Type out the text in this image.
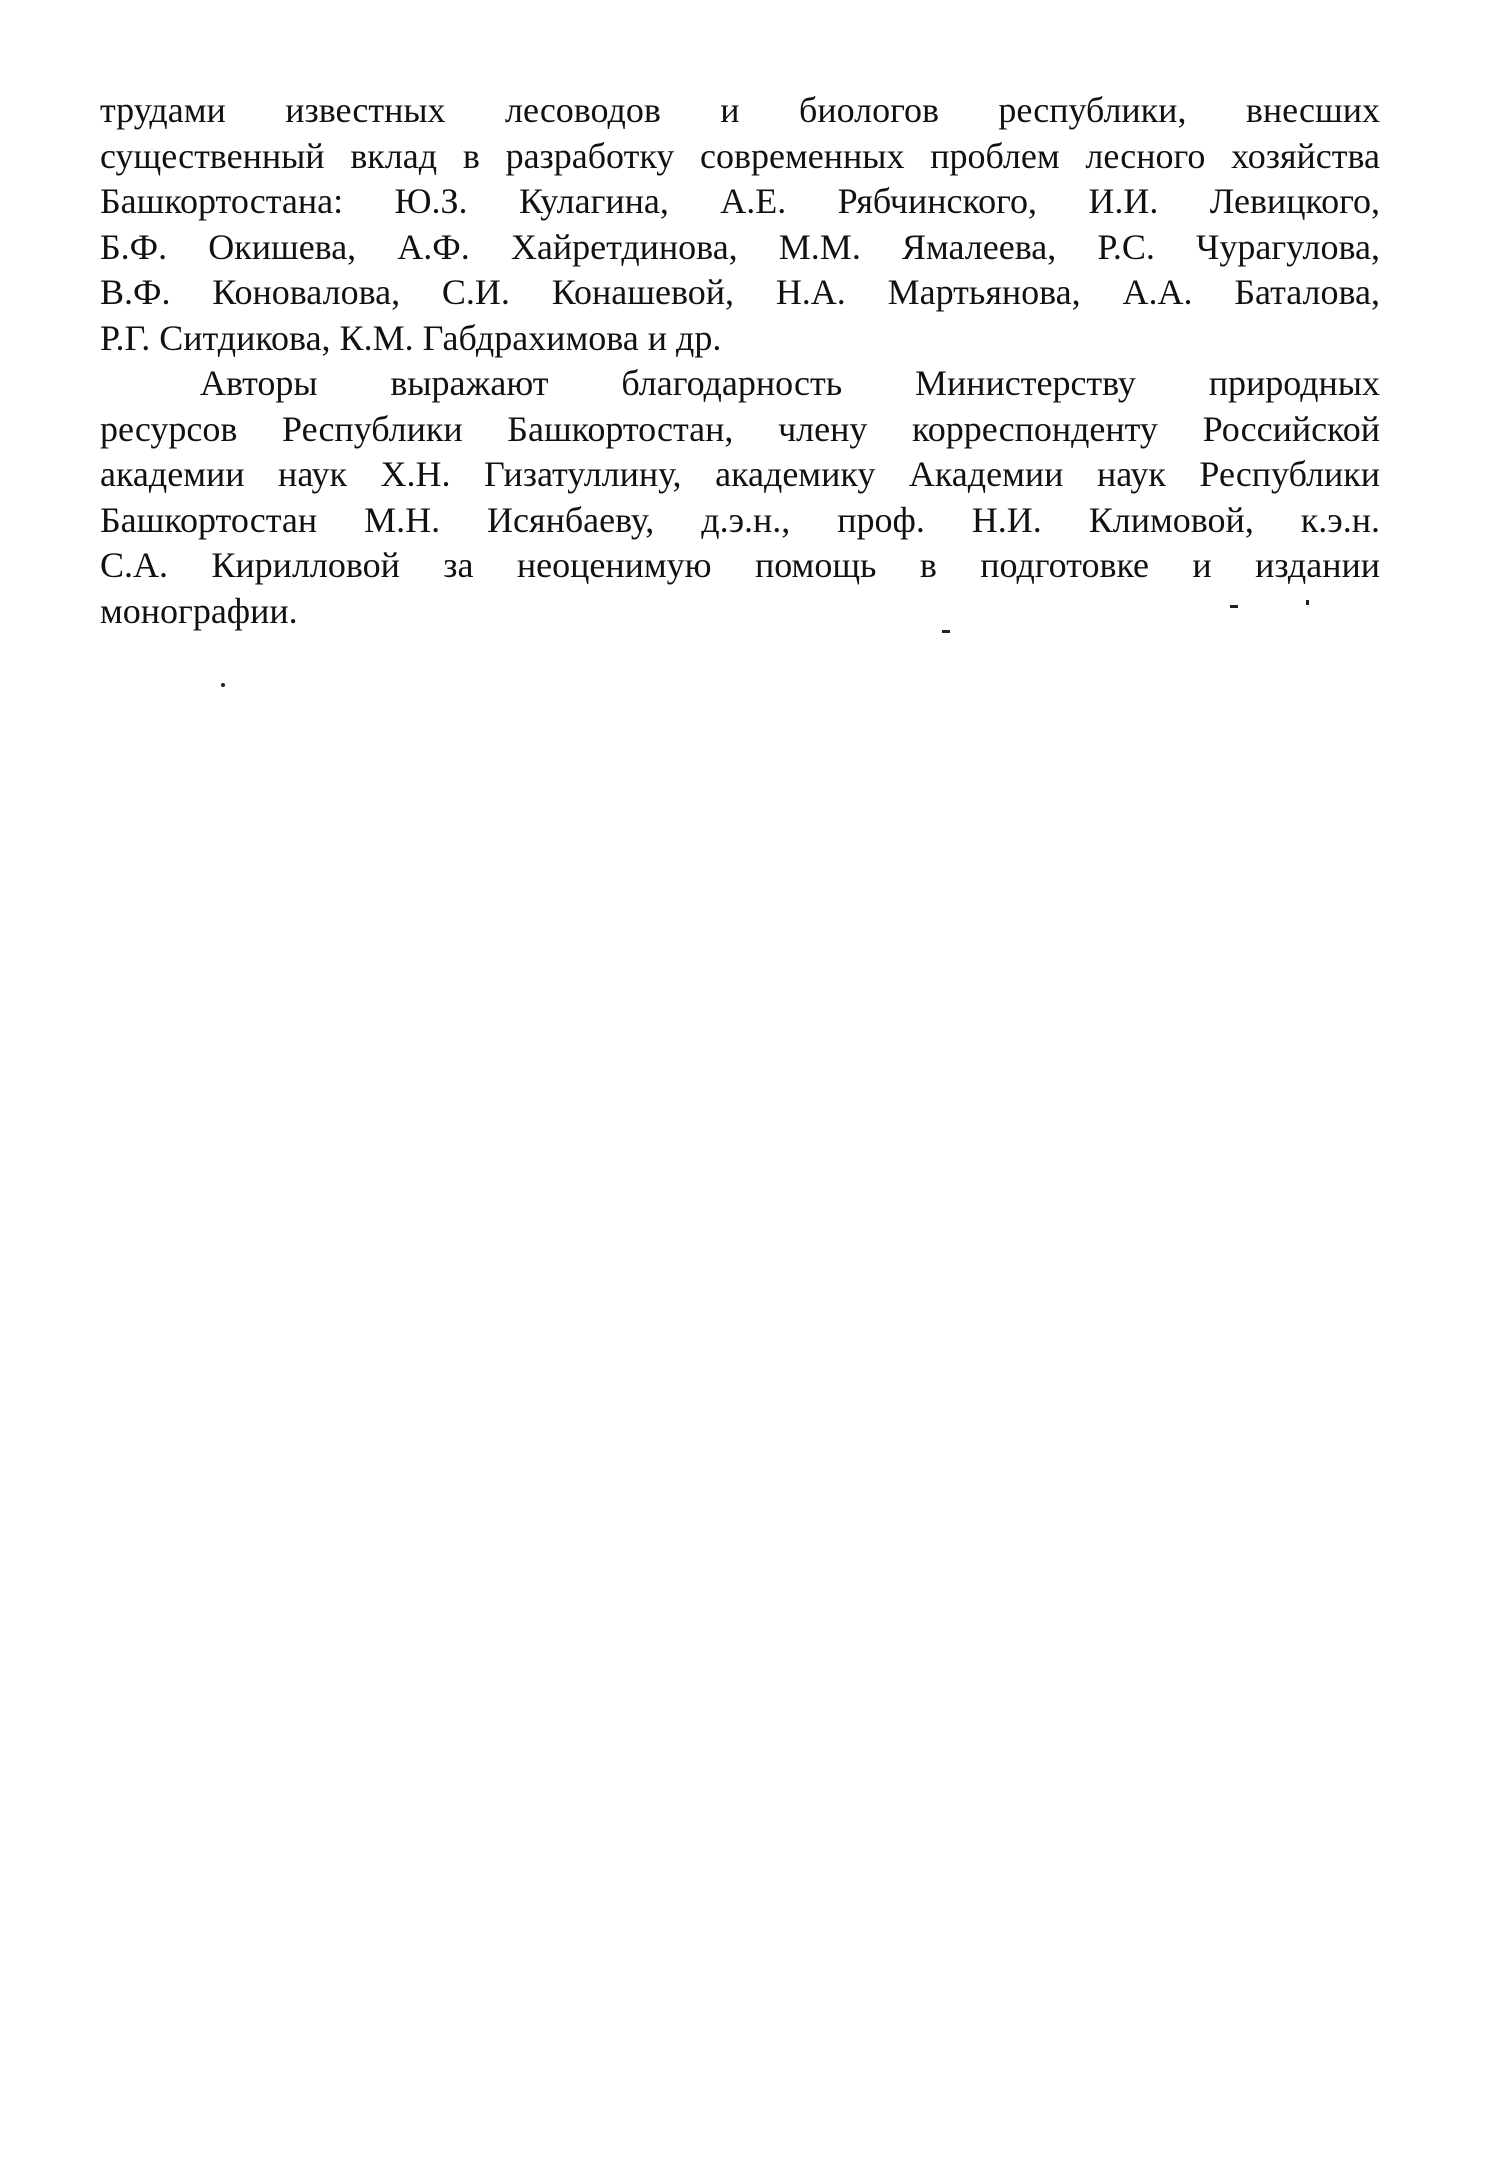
трудами известных лесоводов и биологов республики, внесших
существенный вклад в разработку современных проблем лесного хозяйства
Башкортостана: Ю.З. Кулагина, А.Е. Рябчинского, И.И. Левицкого,
Б.Ф. Окишева, А.Ф. Хайретдинова, М.М. Ямалеева, Р.С. Чурагулова,
В.Ф. Коновалова, С.И. Конашевой, Н.А. Мартьянова, А.А. Баталова,
Р.Г. Ситдикова, К.М. Габдрахимова и др.
Авторы выражают благодарность Министерству природных
ресурсов Республики Башкортостан, члену корреспонденту Российской
академии наук Х.Н. Гизатуллину, академику Академии наук Республики
Башкортостан М.Н. Исянбаеву, д.э.н., проф. Н.И. Климовой, к.э.н.
С.А. Кирилловой за неоценимую помощь в подготовке и издании
монографии.
